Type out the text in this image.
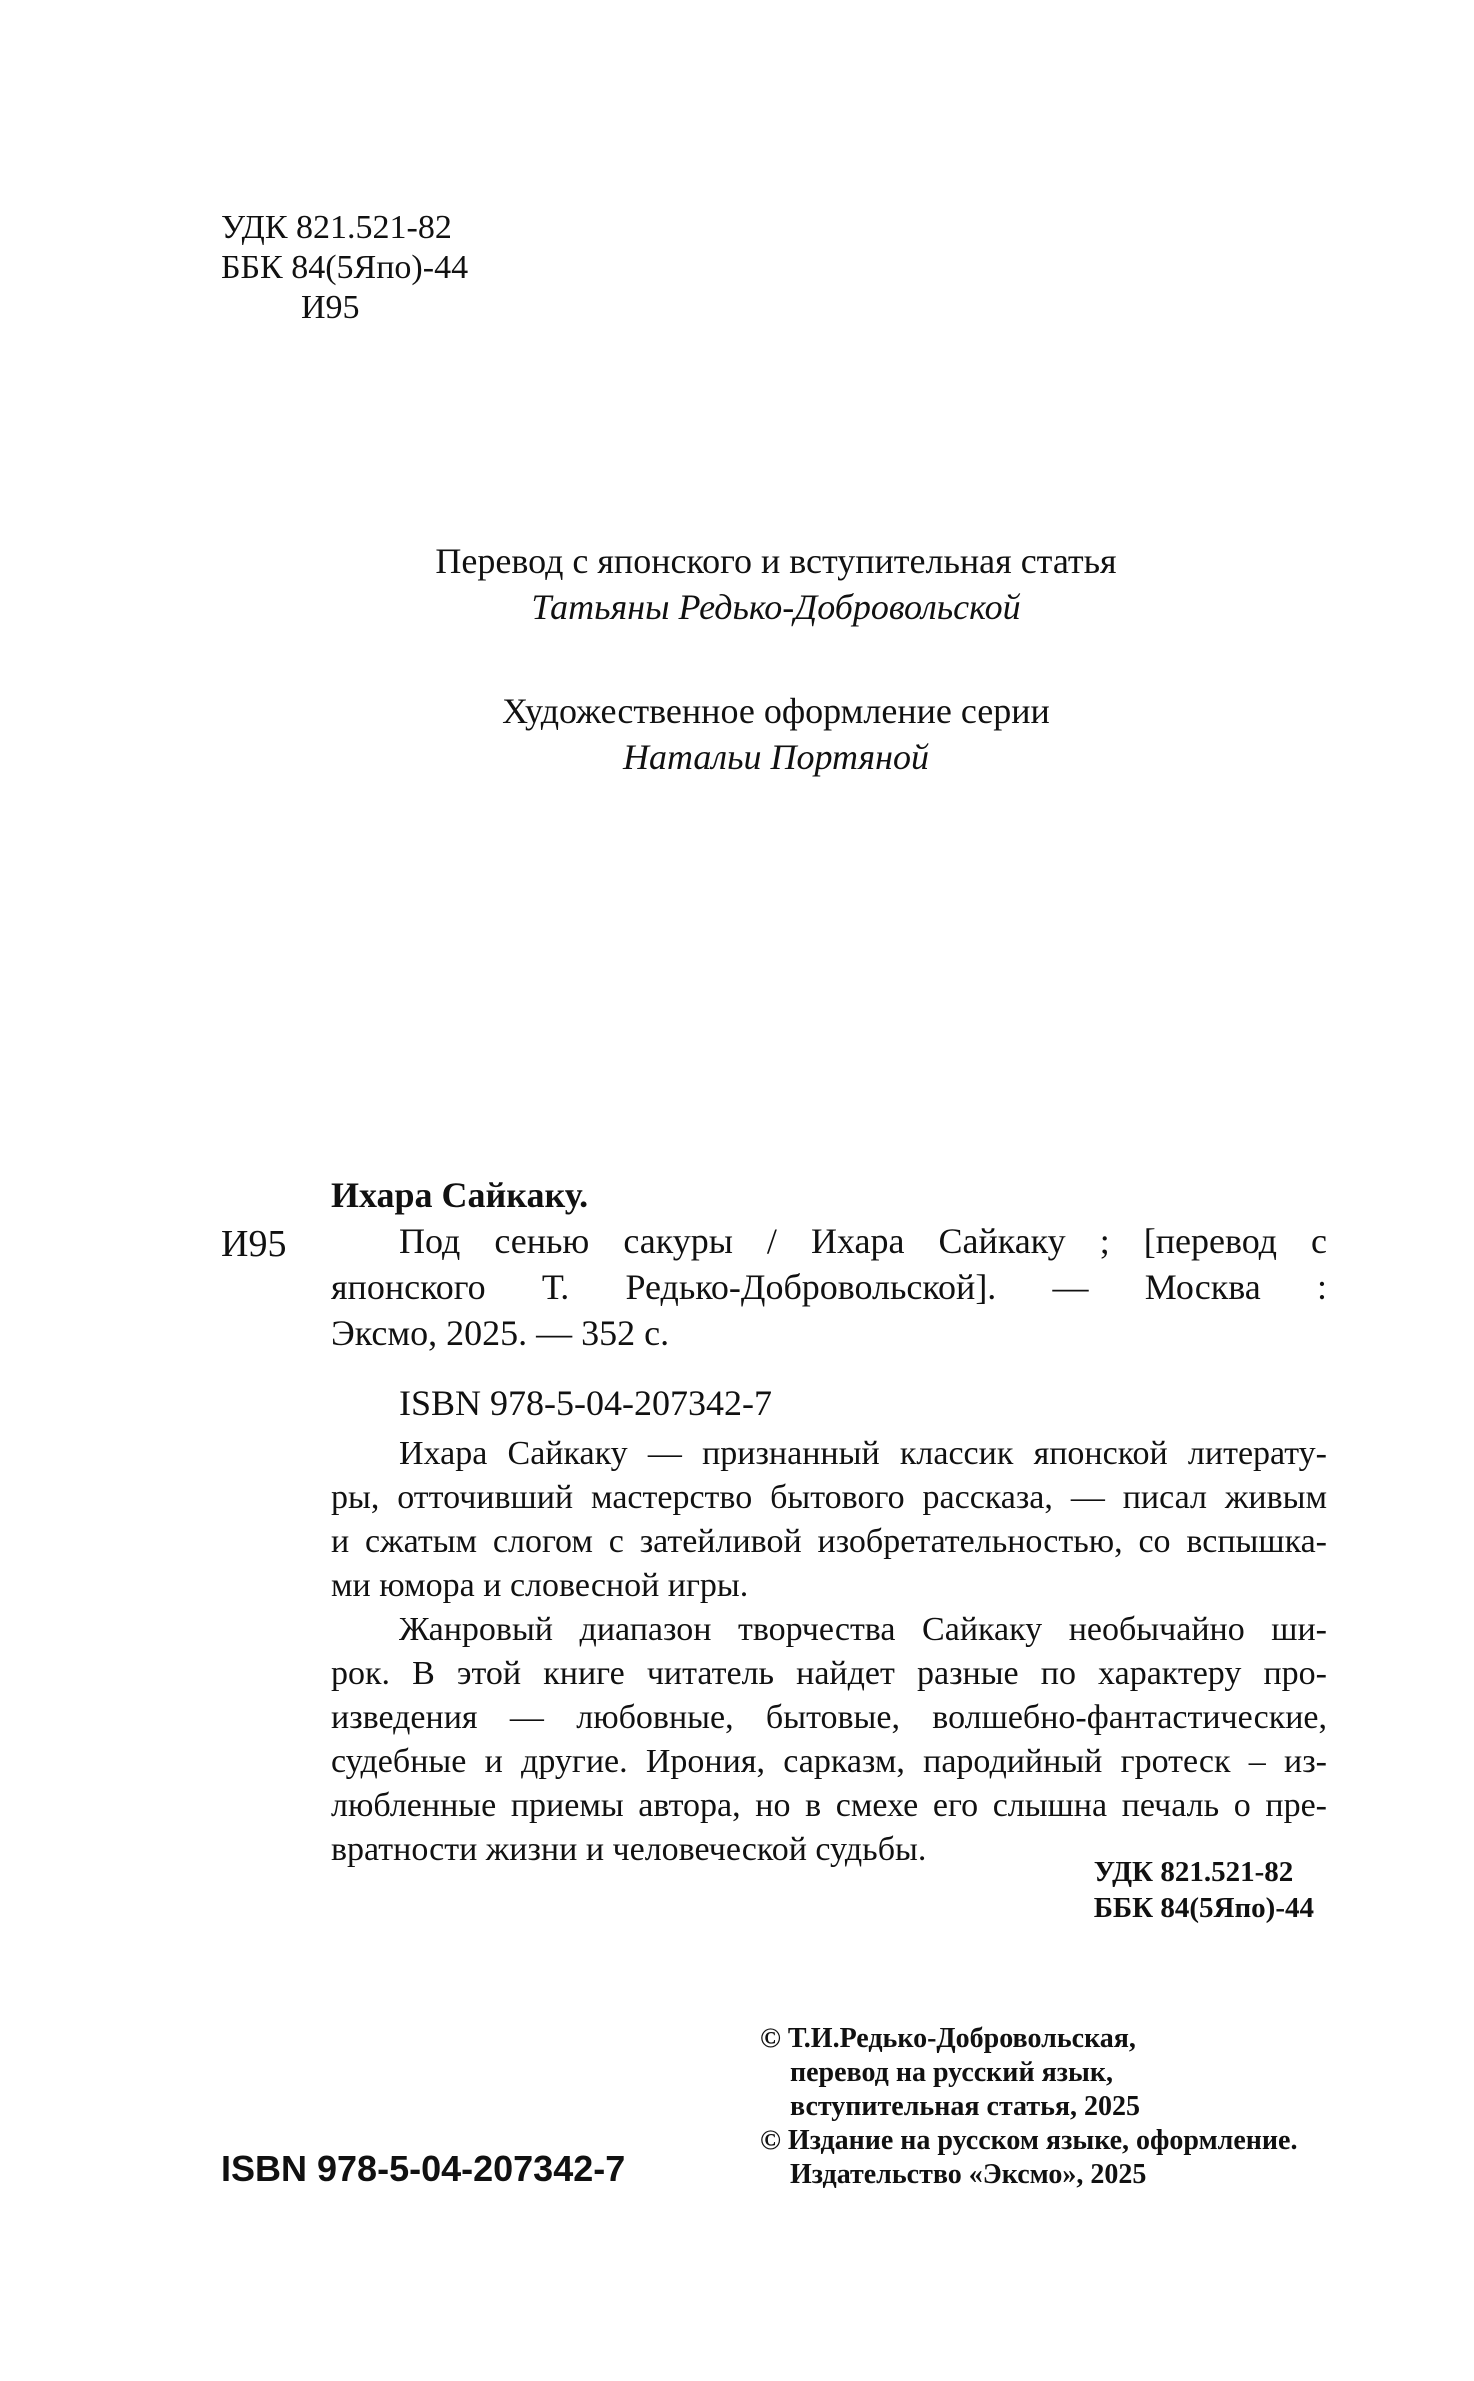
УДК 821.521-82
ББК 84(5Япо)-44
И95
Перевод с японского и вступительная статья
Татьяны Редько-Добровольской
Художественное оформление серии
Натальи Портяной
И95
Ихара Сайкаку.
Под сенью сакуры / Ихара Сайкаку ; [перевод с
японского Т. Редько-Добровольской]. — Москва :
Эксмо, 2025. — 352 с.
ISBN 978-5-04-207342-7
Ихара Сайкаку — признанный классик японской литерату-
ры, отточивший мастерство бытового рассказа, — писал живым
и сжатым слогом с затейливой изобретательностью, со вспышка-
ми юмора и словесной игры.
Жанровый диапазон творчества Сайкаку необычайно ши-
рок. В этой книге читатель найдет разные по характеру про-
изведения — любовные, бытовые, волшебно-фантастические,
судебные и другие. Ирония, сарказм, пародийный гротеск – из-
любленные приемы автора, но в смехе его слышна печаль о пре-
вратности жизни и человеческой судьбы.
УДК 821.521-82
ББК 84(5Япо)-44
© Т.И.Редько-Добровольская,
перевод на русский язык,
вступительная статья, 2025
© Издание на русском языке, оформление.
Издательство «Эксмо», 2025
ISBN 978-5-04-207342-7
